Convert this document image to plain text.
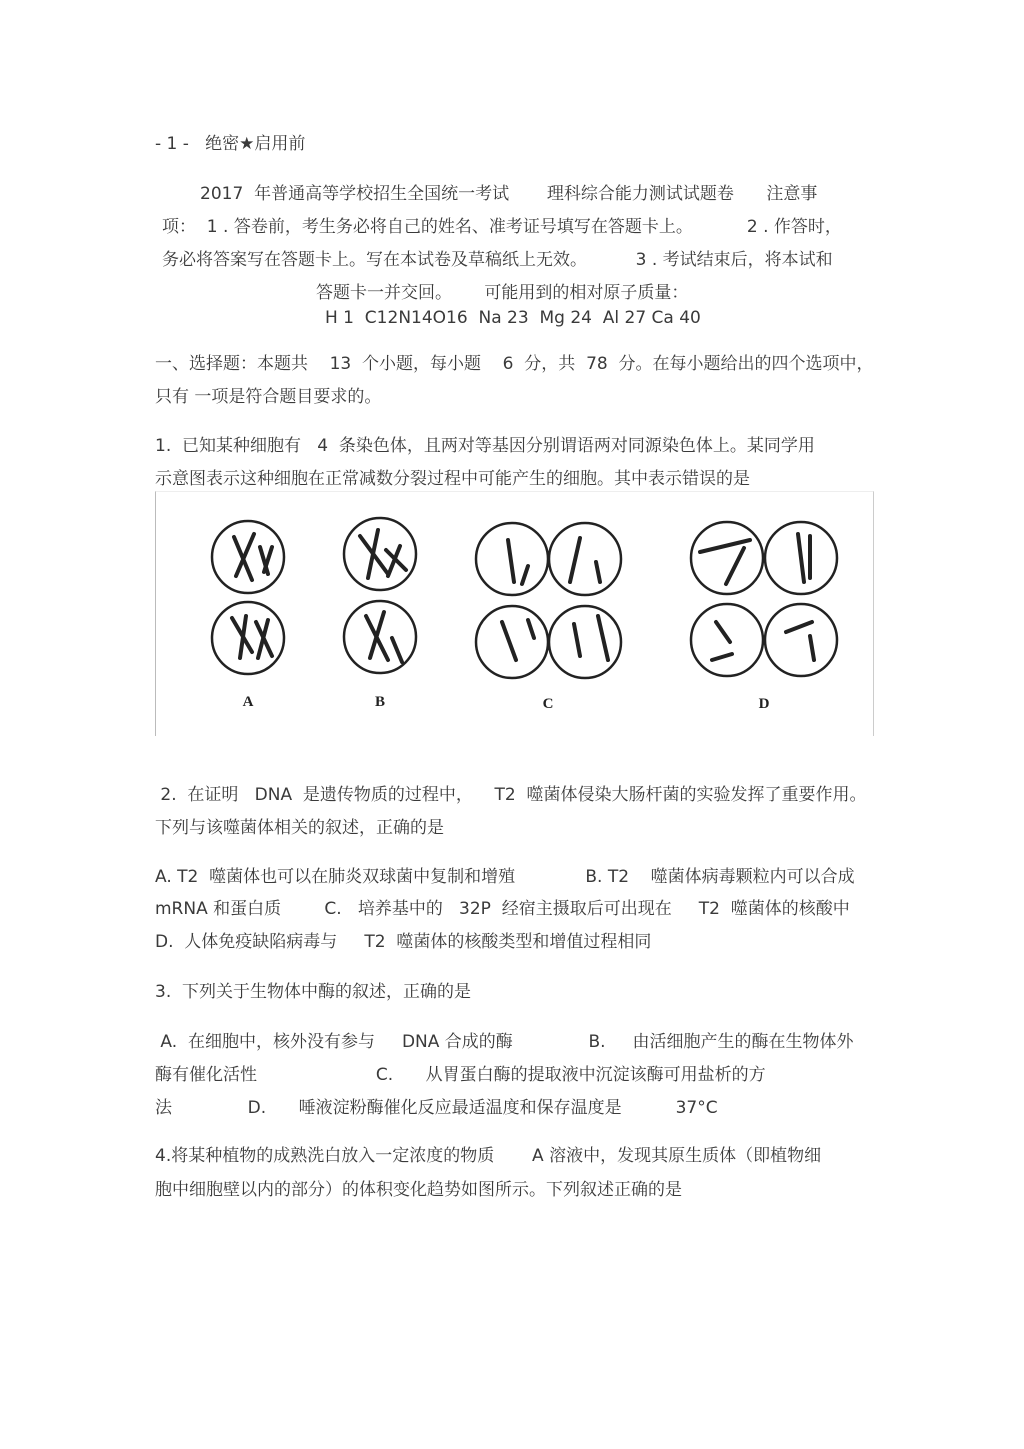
- 1 -   绝密★启用前
2017  年普通高等学校招生全国统一考试       理科综合能力测试试题卷      注意事
项：  1 . 答卷前，考生务必将自己的姓名、准考证号填写在答题卡上。          2 . 作答时，
务必将答案写在答题卡上。写在本试卷及草稿纸上无效。         3 . 考试结束后，将本试和
答题卡一并交回。      可能用到的相对原子质量：
H 1  C12N14O16  Na 23  Mg 24  Al 27 Ca 40
一、选择题：本题共    13  个小题，每小题    6  分，共  78  分。在每小题给出的四个选项中，
只有 一项是符合题目要求的。
1.  已知某种细胞有   4  条染色体，且两对等基因分别谓语两对同源染色体上。某同学用
示意图表示这种细胞在正常减数分裂过程中可能产生的细胞。其中表示错误的是
A	B	C	D
2.  在证明   DNA  是遗传物质的过程中，    T2  噬菌体侵染大肠杆菌的实验发挥了重要作用。
下列与该噬菌体相关的叙述，正确的是
A. T2  噬菌体也可以在肺炎双球菌中复制和增殖             B. T2    噬菌体病毒颗粒内可以合成
mRNA 和蛋白质        C.   培养基中的   32P  经宿主摄取后可出现在     T2  噬菌体的核酸中
D.  人体免疫缺陷病毒与     T2  噬菌体的核酸类型和增值过程相同
3.  下列关于生物体中酶的叙述，正确的是
A.  在细胞中，核外没有参与     DNA 合成的酶              B.     由活细胞产生的酶在生物体外
酶有催化活性                      C.      从胃蛋白酶的提取液中沉淀该酶可用盐析的方
法              D.      唾液淀粉酶催化反应最适温度和保存温度是          37°C
4.将某种植物的成熟洗白放入一定浓度的物质       A 溶液中，发现其原生质体（即植物细
胞中细胞壁以内的部分）的体积变化趋势如图所示。下列叙述正确的是
